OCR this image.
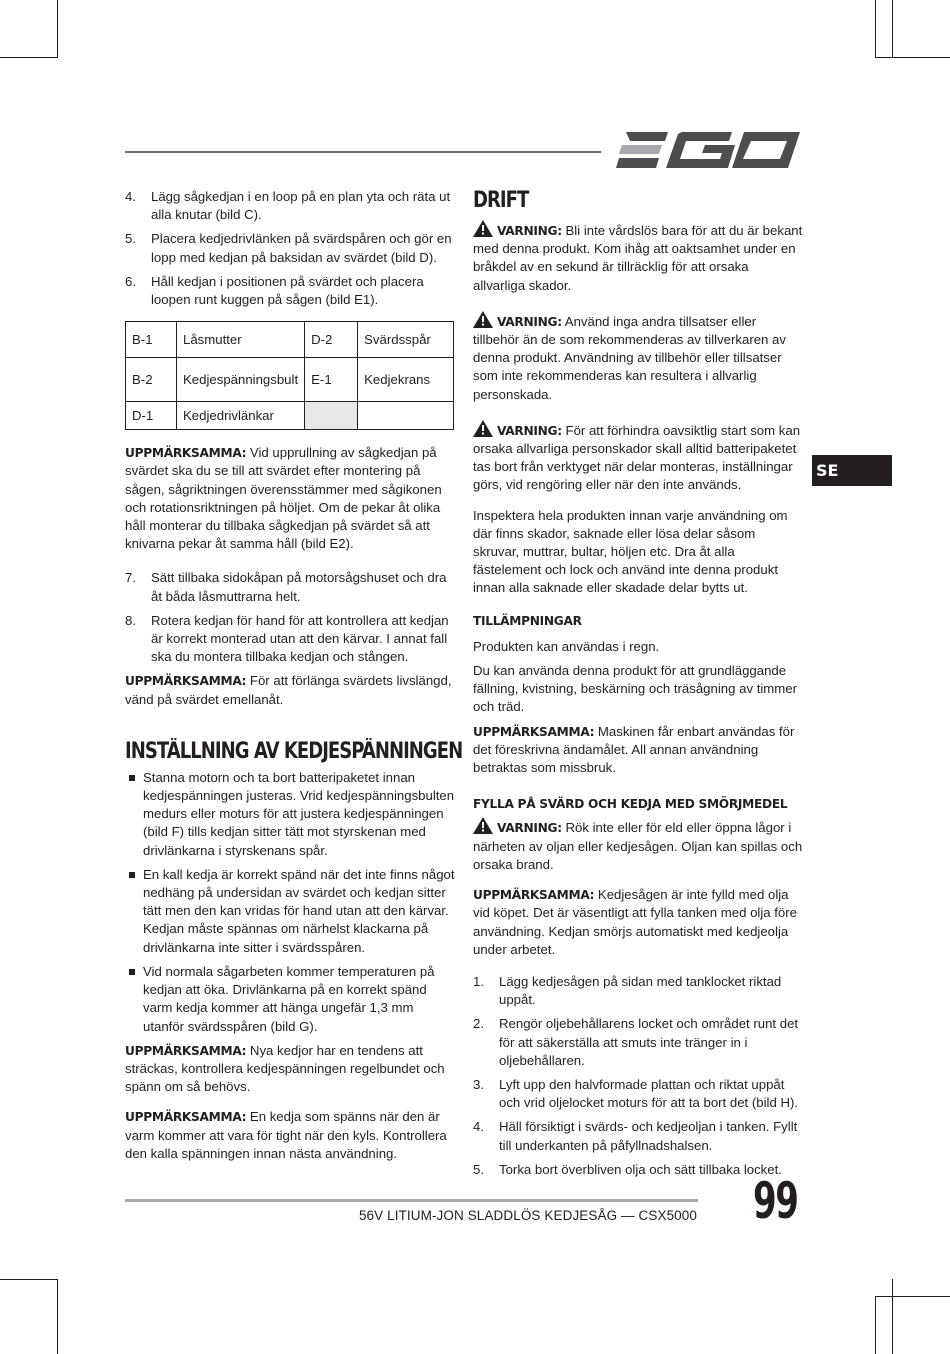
SE
4. Lägg sågkedjan i en loop på en plan yta och räta ut alla knutar (bild C).
5. Placera kedjedrivlänken på svärdspåren och gör en lopp med kedjan på baksidan av svärdet (bild D).
6. Håll kedjan i positionen på svärdet och placera loopen runt kuggen på sågen (bild E1).
B-1	Låsmutter	D-2	Svärdsspår
B-2	Kedjespänningsbult	E-1	Kedjekrans
D-1	Kedjedrivlänkar		

UPPMÄRKSAMMA: Vid upprullning av sågkedjan på svärdet ska du se till att svärdet efter montering på sågen, sågriktningen överensstämmer med sågikonen och rotationsriktningen på höljet. Om de pekar åt olika håll monterar du tillbaka sågkedjan på svärdet så att knivarna pekar åt samma håll (bild E2).

7. Sätt tillbaka sidokåpan på motorsågshuset och dra åt båda låsmuttrarna helt.
8. Rotera kedjan för hand för att kontrollera att kedjan är korrekt monterad utan att den kärvar. I annat fall ska du montera tillbaka kedjan och stången.

UPPMÄRKSAMMA: För att förlänga svärdets livslängd, vänd på svärdet emellanåt.

INSTÄLLNING AV KEDJESPÄNNINGEN
Stanna motorn och ta bort batteripaketet innan kedjespänningen justeras. Vrid kedjespänningsbulten medurs eller moturs för att justera kedjespänningen (bild F) tills kedjan sitter tätt mot styrskenan med drivlänkarna i styrskenans spår.
En kall kedja är korrekt spänd när det inte finns något nedhäng på undersidan av svärdet och kedjan sitter tätt men den kan vridas för hand utan att den kärvar. Kedjan måste spännas om närhelst klackarna på drivlänkarna inte sitter i svärdsspåren.
Vid normala sågarbeten kommer temperaturen på kedjan att öka. Drivlänkarna på en korrekt spänd varm kedja kommer att hänga ungefär 1,3 mm utanför svärdsspåren (bild G).

UPPMÄRKSAMMA: Nya kedjor har en tendens att sträckas, kontrollera kedjespänningen regelbundet och spänn om så behövs.

UPPMÄRKSAMMA: En kedja som spänns när den är varm kommer att vara för tight när den kyls. Kontrollera den kalla spänningen innan nästa användning.

DRIFT

VARNING: Bli inte vårdslös bara för att du är bekant med denna produkt. Kom ihåg att oaktsamhet under en bråkdel av en sekund är tillräcklig för att orsaka allvarliga skador.

VARNING: Använd inga andra tillsatser eller tillbehör än de som rekommenderas av tillverkaren av denna produkt. Användning av tillbehör eller tillsatser som inte rekommenderas kan resultera i allvarlig personskada.

VARNING: För att förhindra oavsiktlig start som kan orsaka allvarliga personskador skall alltid batteripaketet tas bort från verktyget när delar monteras, inställningar görs, vid rengöring eller när den inte används.

Inspektera hela produkten innan varje användning om där finns skador, saknade eller lösa delar såsom skruvar, muttrar, bultar, höljen etc. Dra åt alla fästelement och lock och använd inte denna produkt innan alla saknade eller skadade delar bytts ut.

TILLÄMPNINGAR

Produkten kan användas i regn.

Du kan använda denna produkt för att grundläggande fällning, kvistning, beskärning och träsågning av timmer och träd.

UPPMÄRKSAMMA: Maskinen får enbart användas för det föreskrivna ändamålet. All annan användning betraktas som missbruk.

FYLLA PÅ SVÄRD OCH KEDJA MED SMÖRJMEDEL

VARNING: Rök inte eller för eld eller öppna lågor i närheten av oljan eller kedjesågen. Oljan kan spillas och orsaka brand.

UPPMÄRKSAMMA: Kedjesågen är inte fylld med olja vid köpet. Det är väsentligt att fylla tanken med olja före användning. Kedjan smörjs automatiskt med kedjeolja under arbetet.

1. Lägg kedjesågen på sidan med tanklocket riktad uppåt.
2. Rengör oljebehållarens locket och området runt det för att säkerställa att smuts inte tränger in i oljebehållaren.
3. Lyft upp den halvformade plattan och riktat uppåt och vrid oljelocket moturs för att ta bort det (bild H).
4. Häll försiktigt i svärds- och kedjeoljan i tanken. Fyllt till underkanten på påfyllnadshalsen.
5. Torka bort överbliven olja och sätt tillbaka locket.
56V LITIUM-JON SLADDLÖS KEDJESÅG — CSX5000 99
